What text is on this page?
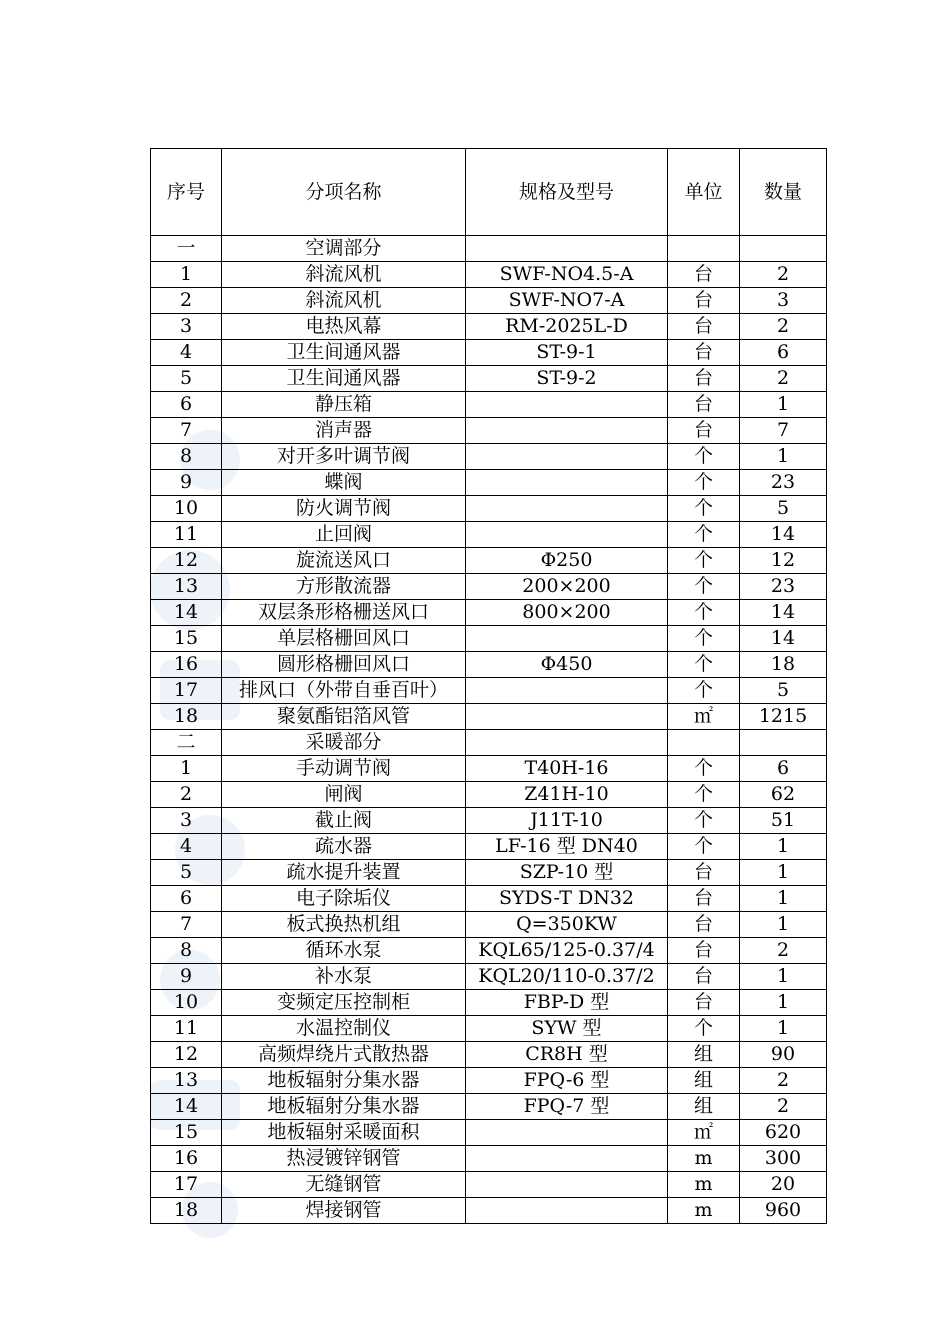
序号	分项名称	规格及型号	单位	数量
一	空调部分			
1	斜流风机	SWF-NO4.5-A	台	2
2	斜流风机	SWF-NO7-A	台	3
3	电热风幕	RM-2025L-D	台	2
4	卫生间通风器	ST-9-1	台	6
5	卫生间通风器	ST-9-2	台	2
6	静压箱		台	1
7	消声器		台	7
8	对开多叶调节阀		个	1
9	蝶阀		个	23
10	防火调节阀		个	5
11	止回阀		个	14
12	旋流送风口	Φ250	个	12
13	方形散流器	200×200	个	23
14	双层条形格栅送风口	800×200	个	14
15	单层格栅回风口		个	14
16	圆形格栅回风口	Φ450	个	18
17	排风口（外带自垂百叶）		个	5
18	聚氨酯铝箔风管		㎡	1215
二	采暖部分			
1	手动调节阀	T40H-16	个	6
2	闸阀	Z41H-10	个	62
3	截止阀	J11T-10	个	51
4	疏水器	LF-16 型 DN40	个	1
5	疏水提升装置	SZP-10 型	台	1
6	电子除垢仪	SYDS-T DN32	台	1
7	板式换热机组	Q=350KW	台	1
8	循环水泵	KQL65/125-0.37/4	台	2
9	补水泵	KQL20/110-0.37/2	台	1
10	变频定压控制柜	FBP-D 型	台	1
11	水温控制仪	SYW 型	个	1
12	高频焊绕片式散热器	CR8H 型	组	90
13	地板辐射分集水器	FPQ-6 型	组	2
14	地板辐射分集水器	FPQ-7 型	组	2
15	地板辐射采暖面积		㎡	620
16	热浸镀锌钢管		m	300
17	无缝钢管		m	20
18	焊接钢管		m	960
